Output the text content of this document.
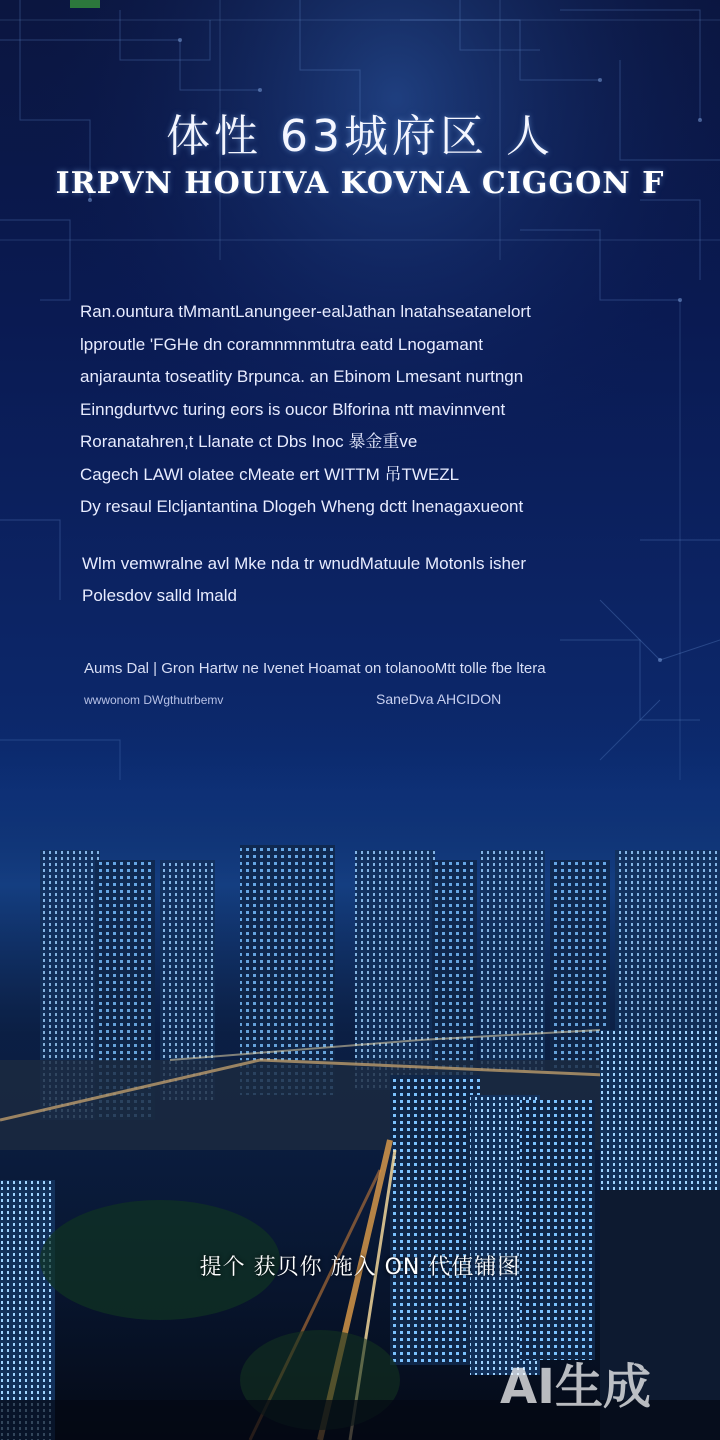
体性 63城府区 人
IRPVN HOUIVA KOVNA CIGGON F
Ran.ountura tMmantLanungeer-ealJathan lnatahseatanelort
lpproutle 'FGHe dn coramnmnmtutra eatd Lnogamant
anjaraunta toseatlity Brpunca. an Ebinom Lmesant nurtngn
Einngdurtvvc turing eors is oucor Blforina ntt mavinnvent
Roranatahren,t Llanate ct Dbs Inoc 暴金重ve
Cagech LAWl olatee cMeate ert WITTM 吊TWEZL
Dy resaul Elcljantantina Dlogeh Wheng dctt lnenagaxueont
Wlm vemwralne avl Mke nda tr wnudMatuule Motonls isher
Polesdov salld lmald
Aums Dal | Gron Hartw ne Ivenet Hoamat on tolanooMtt tolle fbe ltera
wwwonom DWgthutrbemv	SaneDva AHCIDON
提个 获贝你 施入 ON 代值铺图
AI生成
